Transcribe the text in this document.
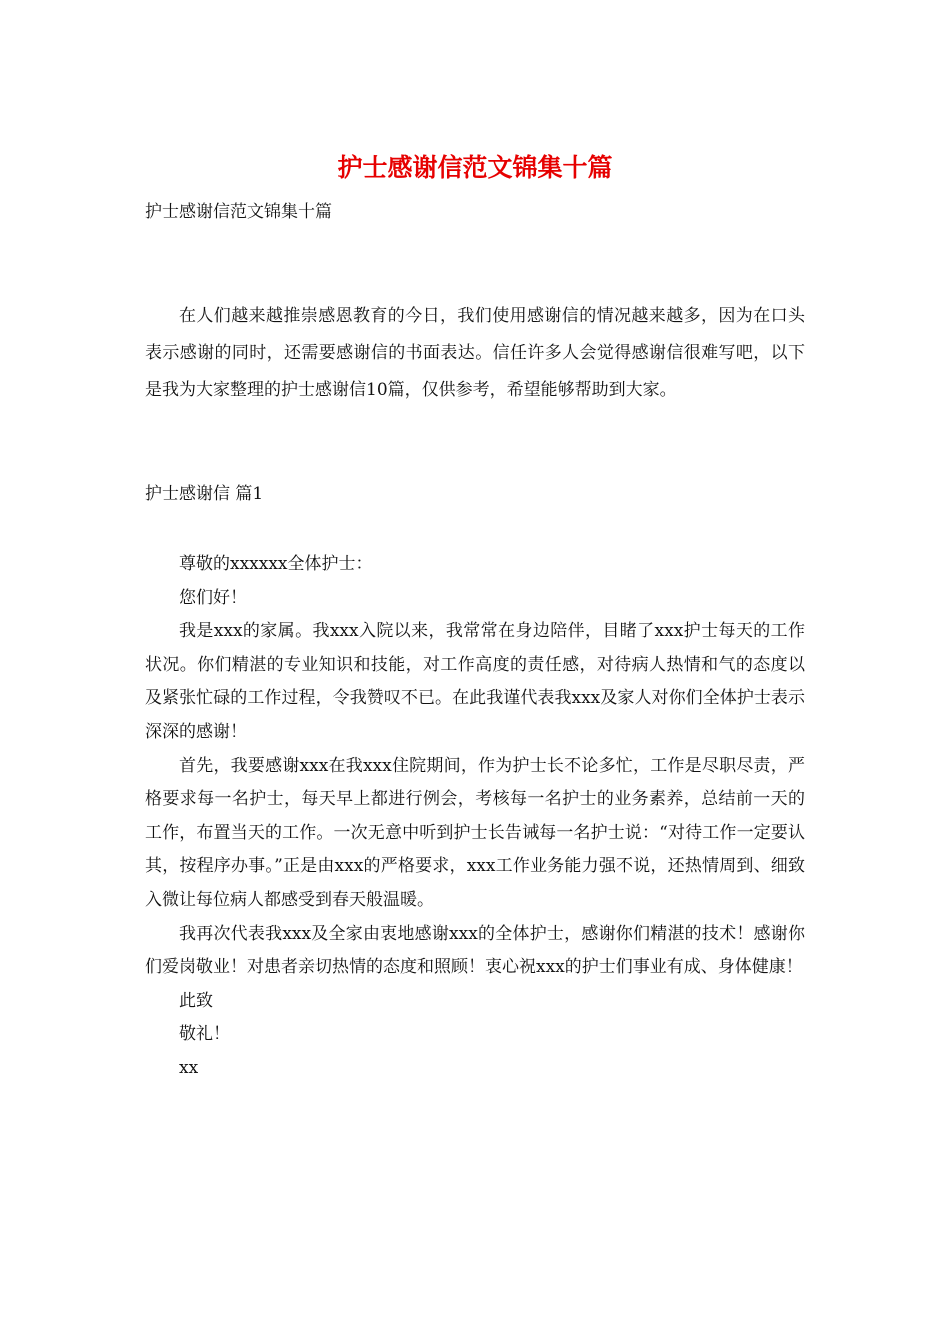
护士感谢信范文锦集十篇
护士感谢信范文锦集十篇
在人们越来越推崇感恩教育的今日，我们使用感谢信的情况越来越多，因为在口头表示感谢的同时，还需要感谢信的书面表达。信任许多人会觉得感谢信很难写吧，以下是我为大家整理的护士感谢信10篇，仅供参考，希望能够帮助到大家。
护士感谢信 篇1

尊敬的xxxxxx全体护士：

您们好！

我是xxx的家属。我xxx入院以来，我常常在身边陪伴，目睹了xxx护士每天的工作状况。你们精湛的专业知识和技能，对工作高度的责任感，对待病人热情和气的态度以及紧张忙碌的工作过程，令我赞叹不已。在此我谨代表我xxx及家人对你们全体护士表示深深的感谢！

首先，我要感谢xxx在我xxx住院期间，作为护士长不论多忙，工作是尽职尽责，严格要求每一名护士，每天早上都进行例会，考核每一名护士的业务素养，总结前一天的工作，布置当天的工作。一次无意中听到护士长告诫每一名护士说：“对待工作一定要认其，按程序办事。”正是由xxx的严格要求，xxx工作业务能力强不说，还热情周到、细致入微让每位病人都感受到春天般温暖。

我再次代表我xxx及全家由衷地感谢xxx的全体护士，感谢你们精湛的技术！感谢你们爱岗敬业！对患者亲切热情的态度和照顾！衷心祝xxx的护士们事业有成、身体健康！

此致

敬礼！

xx
